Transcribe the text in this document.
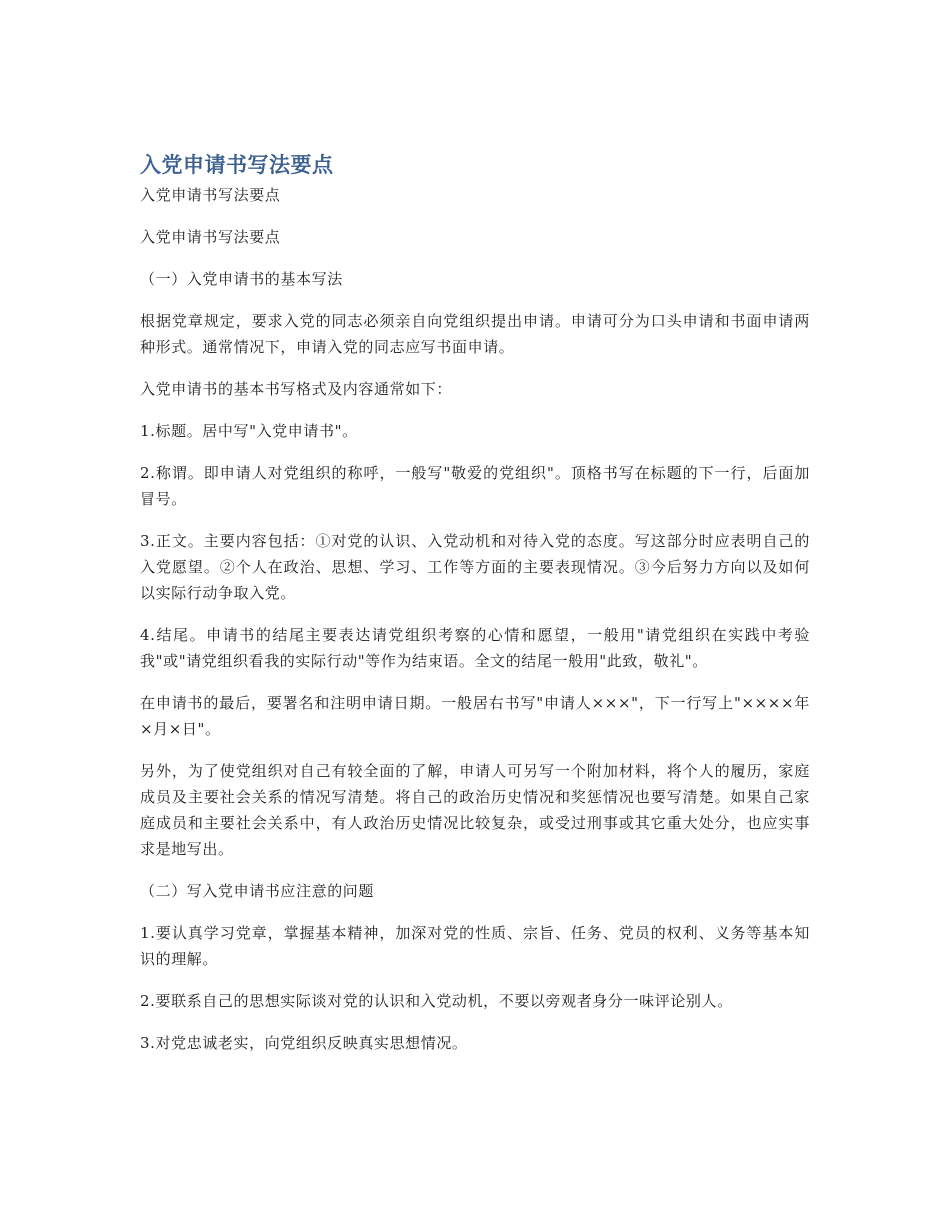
入党申请书写法要点

入党申请书写法要点

入党申请书写法要点

（一）入党申请书的基本写法

根据党章规定，要求入党的同志必须亲自向党组织提出申请。申请可分为口头申请和书面申请两种形式。通常情况下，申请入党的同志应写书面申请。

入党申请书的基本书写格式及内容通常如下：

1.标题。居中写"入党申请书"。

2.称谓。即申请人对党组织的称呼，一般写"敬爱的党组织"。顶格书写在标题的下一行，后面加冒号。

3.正文。主要内容包括：①对党的认识、入党动机和对待入党的态度。写这部分时应表明自己的入党愿望。②个人在政治、思想、学习、工作等方面的主要表现情况。③今后努力方向以及如何以实际行动争取入党。

4.结尾。申请书的结尾主要表达请党组织考察的心情和愿望，一般用"请党组织在实践中考验我"或"请党组织看我的实际行动"等作为结束语。全文的结尾一般用"此致，敬礼"。

在申请书的最后，要署名和注明申请日期。一般居右书写"申请人×××"，下一行写上"××××年×月×日"。

另外，为了使党组织对自己有较全面的了解，申请人可另写一个附加材料，将个人的履历，家庭成员及主要社会关系的情况写清楚。将自己的政治历史情况和奖惩情况也要写清楚。如果自己家庭成员和主要社会关系中，有人政治历史情况比较复杂，或受过刑事或其它重大处分，也应实事求是地写出。

（二）写入党申请书应注意的问题

1.要认真学习党章，掌握基本精神，加深对党的性质、宗旨、任务、党员的权利、义务等基本知识的理解。

2.要联系自己的思想实际谈对党的认识和入党动机，不要以旁观者身分一味评论别人。

3.对党忠诚老实，向党组织反映真实思想情况。
